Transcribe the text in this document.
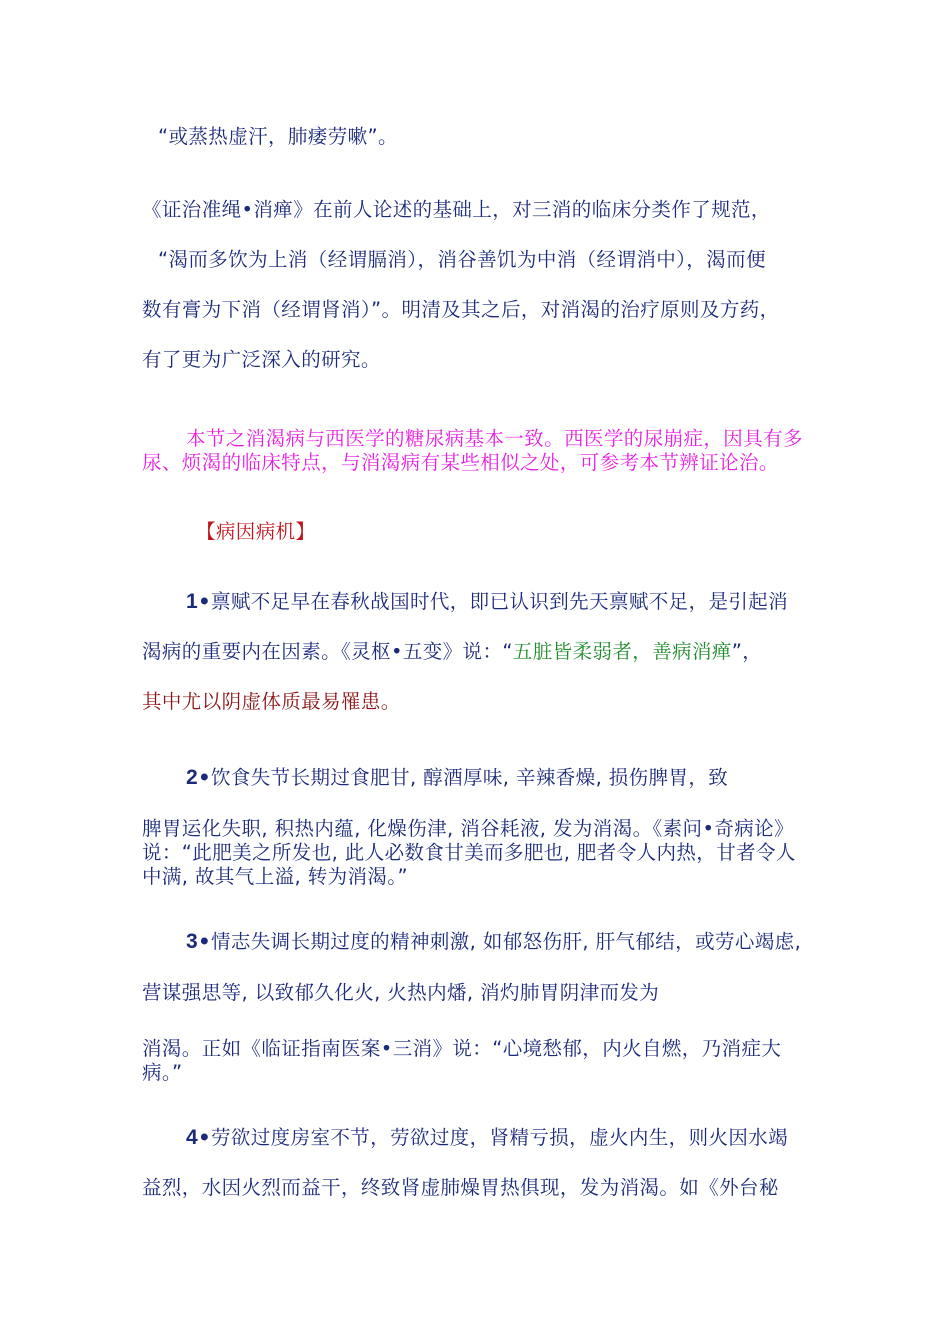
“或蒸热虚汗，肺痿劳嗽”。
《证治准绳•消瘅》在前人论述的基础上，对三消的临床分类作了规范，
“渴而多饮为上消（经谓膈消），消谷善饥为中消（经谓消中），渴而便
数有膏为下消（经谓肾消）”。明清及其之后，对消渴的治疗原则及方药，
有了更为广泛深入的研究。
本节之消渴病与西医学的糖尿病基本一致。西医学的尿崩症，因具有多
尿、烦渴的临床特点，与消渴病有某些相似之处，可参考本节辨证论治。
【病因病机】
1•禀赋不足早在春秋战国时代，即已认识到先天禀赋不足，是引起消
渴病的重要内在因素。《灵枢•五变》说：“五脏皆柔弱者，善病消瘅”，
其中尤以阴虚体质最易罹患。
2•饮食失节长期过食肥甘, 醇酒厚味, 辛辣香燥, 损伤脾胃，致
脾胃运化失职, 积热内蕴, 化燥伤津, 消谷耗液, 发为消渴。《素问•奇病论》
说：“此肥美之所发也, 此人必数食甘美而多肥也, 肥者令人内热，甘者令人
中满, 故其气上溢, 转为消渴。”
3•情志失调长期过度的精神刺激, 如郁怒伤肝, 肝气郁结，或劳心竭虑,
营谋强思等, 以致郁久化火, 火热内燔, 消灼肺胃阴津而发为
消渴。正如《临证指南医案•三消》说：“心境愁郁，内火自燃，乃消症大
病。”
4•劳欲过度房室不节，劳欲过度，肾精亏损，虚火内生，则火因水竭
益烈，水因火烈而益干，终致肾虚肺燥胃热俱现，发为消渴。如《外台秘
